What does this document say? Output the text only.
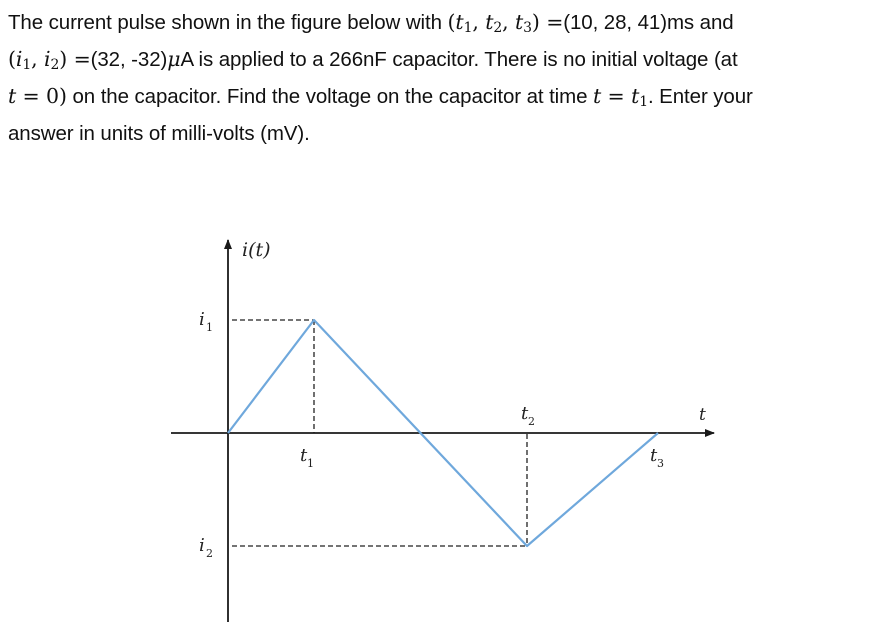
The current pulse shown in the figure below with ($t_1$, $t_2$, $t_3) =(10$, 28, 41)ms and
($i_1$, $i_2) =(32$, -32)μA is applied to a 266nF capacitor. There is no initial voltage (at
t = 0) on the capacitor. Find the voltage on the capacitor at time $t = t_1$. Enter your
answer in units of milli-volts (mV).
i(t)
t
i 1
i 2
t 1
t 2
t 3
